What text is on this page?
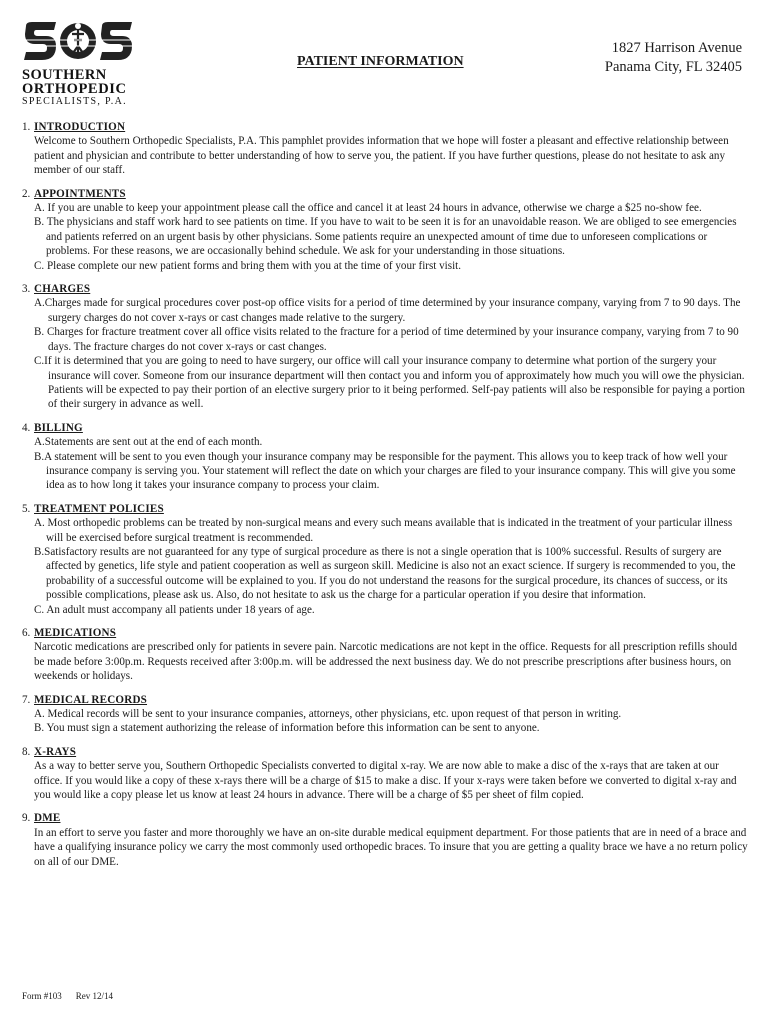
SOUTHERN
ORTHOPEDIC
SPECIALISTS, P.A.
PATIENT INFORMATION
1827 Harrison Avenue
Panama City, FL 32405
1. INTRODUCTION
Welcome to Southern Orthopedic Specialists, P.A. This pamphlet provides information that we hope will foster a pleasant and effective relationship between patient and physician and contribute to better understanding of how to serve you, the patient. If you have further questions, please do not hesitate to ask any member of our staff.
2. APPOINTMENTS
A. If you are unable to keep your appointment please call the office and cancel it at least 24 hours in advance, otherwise we charge a $25 no-show fee.
B. The physicians and staff work hard to see patients on time. If you have to wait to be seen it is for an unavoidable reason. We are obliged to see emergencies and patients referred on an urgent basis by other physicians. Some patients require an unexpected amount of time due to unforeseen complications or problems. For these reasons, we are occasionally behind schedule. We ask for your understanding in those situations.
C. Please complete our new patient forms and bring them with you at the time of your first visit.
3. CHARGES
A.Charges made for surgical procedures cover post-op office visits for a period of time determined by your insurance company, varying from 7 to 90 days. The surgery charges do not cover x-rays or cast changes made relative to the surgery.
B. Charges for fracture treatment cover all office visits related to the fracture for a period of time determined by your insurance company, varying from 7 to 90 days. The fracture charges do not cover x-rays or cast changes.
C.If it is determined that you are going to need to have surgery, our office will call your insurance company to determine what portion of the surgery your insurance will cover. Someone from our insurance department will then contact you and inform you of approximately how much you will owe the physician. Patients will be expected to pay their portion of an elective surgery prior to it being performed. Self-pay patients will also be responsible for paying a portion of their surgery in advance as well.
4. BILLING
A.Statements are sent out at the end of each month.
B.A statement will be sent to you even though your insurance company may be responsible for the payment. This allows you to keep track of how well your insurance company is serving you. Your statement will reflect the date on which your charges are filed to your insurance company. This will give you some idea as to how long it takes your insurance company to process your claim.
5. TREATMENT POLICIES
A. Most orthopedic problems can be treated by non-surgical means and every such means available that is indicated in the treatment of your particular illness will be exercised before surgical treatment is recommended.
B.Satisfactory results are not guaranteed for any type of surgical procedure as there is not a single operation that is 100% successful. Results of surgery are affected by genetics, life style and patient cooperation as well as surgeon skill. Medicine is also not an exact science. If surgery is recommended to you, the probability of a successful outcome will be explained to you. If you do not understand the reasons for the surgical procedure, its chances of success, or its possible complications, please ask us. Also, do not hesitate to ask us the charge for a particular operation if you desire that information.
C. An adult must accompany all patients under 18 years of age.
6. MEDICATIONS
Narcotic medications are prescribed only for patients in severe pain. Narcotic medications are not kept in the office. Requests for all prescription refills should be made before 3:00p.m. Requests received after 3:00p.m. will be addressed the next business day. We do not prescribe prescriptions after business hours, on weekends or holidays.
7. MEDICAL RECORDS
A. Medical records will be sent to your insurance companies, attorneys, other physicians, etc. upon request of that person in writing.
B. You must sign a statement authorizing the release of information before this information can be sent to anyone.
8. X-RAYS
As a way to better serve you, Southern Orthopedic Specialists converted to digital x-ray. We are now able to make a disc of the x-rays that are taken at our office. If you would like a copy of these x-rays there will be a charge of $15 to make a disc. If your x-rays were taken before we converted to digital x-ray and you would like a copy please let us know at least 24 hours in advance. There will be a charge of $5 per sheet of film copied.
9. DME
In an effort to serve you faster and more thoroughly we have an on-site durable medical equipment department. For those patients that are in need of a brace and have a qualifying insurance policy we carry the most commonly used orthopedic braces. To insure that you are getting a quality brace we have a no return policy on all of our DME.
Form #103 Rev 12/14
